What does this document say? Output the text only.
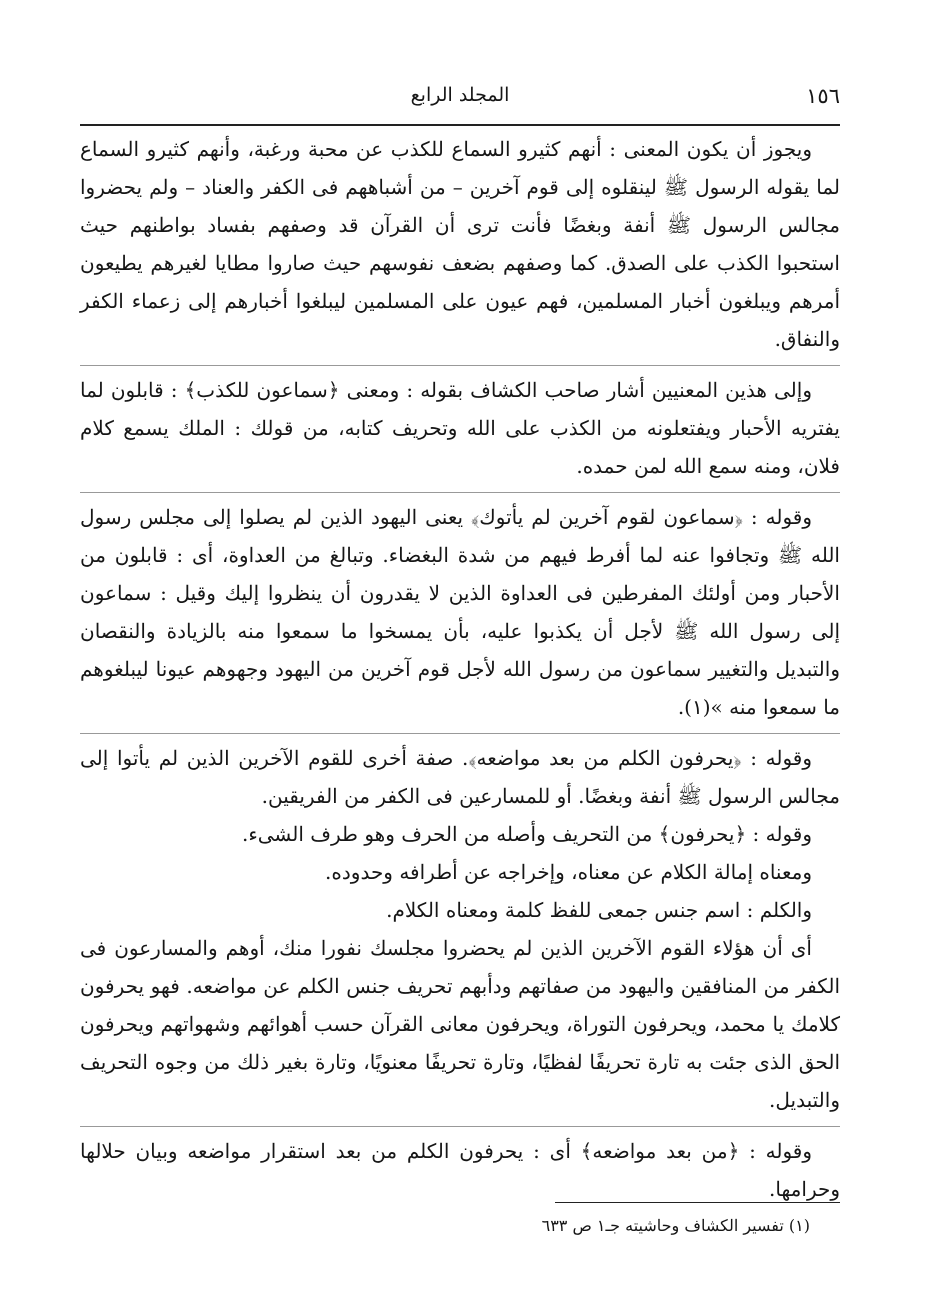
١٥٦
المجلد الرابع

ويجوز أن يكون المعنى : أنهم كثيرو السماع للكذب عن محبة ورغبة، وأنهم كثيرو السماع لما يقوله الرسول ﷺ لينقلوه إلى قوم آخرين – من أشباههم فى الكفر والعناد – ولم يحضروا مجالس الرسول ﷺ أنفة وبغضًا فأنت ترى أن القرآن قد وصفهم بفساد بواطنهم حيث استحبوا الكذب على الصدق. كما وصفهم بضعف نفوسهم حيث صاروا مطايا لغيرهم يطيعون أمرهم ويبلغون أخبار المسلمين، فهم عيون على المسلمين ليبلغوا أخبارهم إلى زعماء الكفر والنفاق.

وإلى هذين المعنيين أشار صاحب الكشاف بقوله : ومعنى ﴿سماعون للكذب﴾ : قابلون لما يفتريه الأحبار ويفتعلونه من الكذب على الله وتحريف كتابه، من قولك : الملك يسمع كلام فلان، ومنه سمع الله لمن حمده.

وقوله : ﴿سماعون لقوم آخرين لم يأتوك﴾ يعنى اليهود الذين لم يصلوا إلى مجلس رسول الله ﷺ وتجافوا عنه لما أفرط فيهم من شدة البغضاء. وتبالغ من العداوة، أى : قابلون من الأحبار ومن أولئك المفرطين فى العداوة الذين لا يقدرون أن ينظروا إليك وقيل : سماعون إلى رسول الله ﷺ لأجل أن يكذبوا عليه، بأن يمسخوا ما سمعوا منه بالزيادة والنقصان والتبديل والتغيير سماعون من رسول الله لأجل قوم آخرين من اليهود وجهوهم عيونا ليبلغوهم ما سمعوا منه »(١).

وقوله : ﴿يحرفون الكلم من بعد مواضعه﴾. صفة أخرى للقوم الآخرين الذين لم يأتوا إلى مجالس الرسول ﷺ أنفة وبغضًا. أو للمسارعين فى الكفر من الفريقين.

وقوله : ﴿يحرفون﴾ من التحريف وأصله من الحرف وهو طرف الشىء.

ومعناه إمالة الكلام عن معناه، وإخراجه عن أطرافه وحدوده.

والكلم : اسم جنس جمعى للفظ كلمة ومعناه الكلام.

أى أن هؤلاء القوم الآخرين الذين لم يحضروا مجلسك نفورا منك، أوهم والمسارعون فى الكفر من المنافقين واليهود من صفاتهم ودأبهم تحريف جنس الكلم عن مواضعه. فهو يحرفون كلامك يا محمد، ويحرفون التوراة، ويحرفون معانى القرآن حسب أهوائهم وشهواتهم ويحرفون الحق الذى جئت به تارة تحريفًا لفظيًا، وتارة تحريفًا معنويًا، وتارة بغير ذلك من وجوه التحريف والتبديل.

وقوله : ﴿من بعد مواضعه﴾ أى : يحرفون الكلم من بعد استقرار مواضعه وبيان حلالها وحرامها.

(١) تفسير الكشاف وحاشيته جـ١ ص ٦٣٣
